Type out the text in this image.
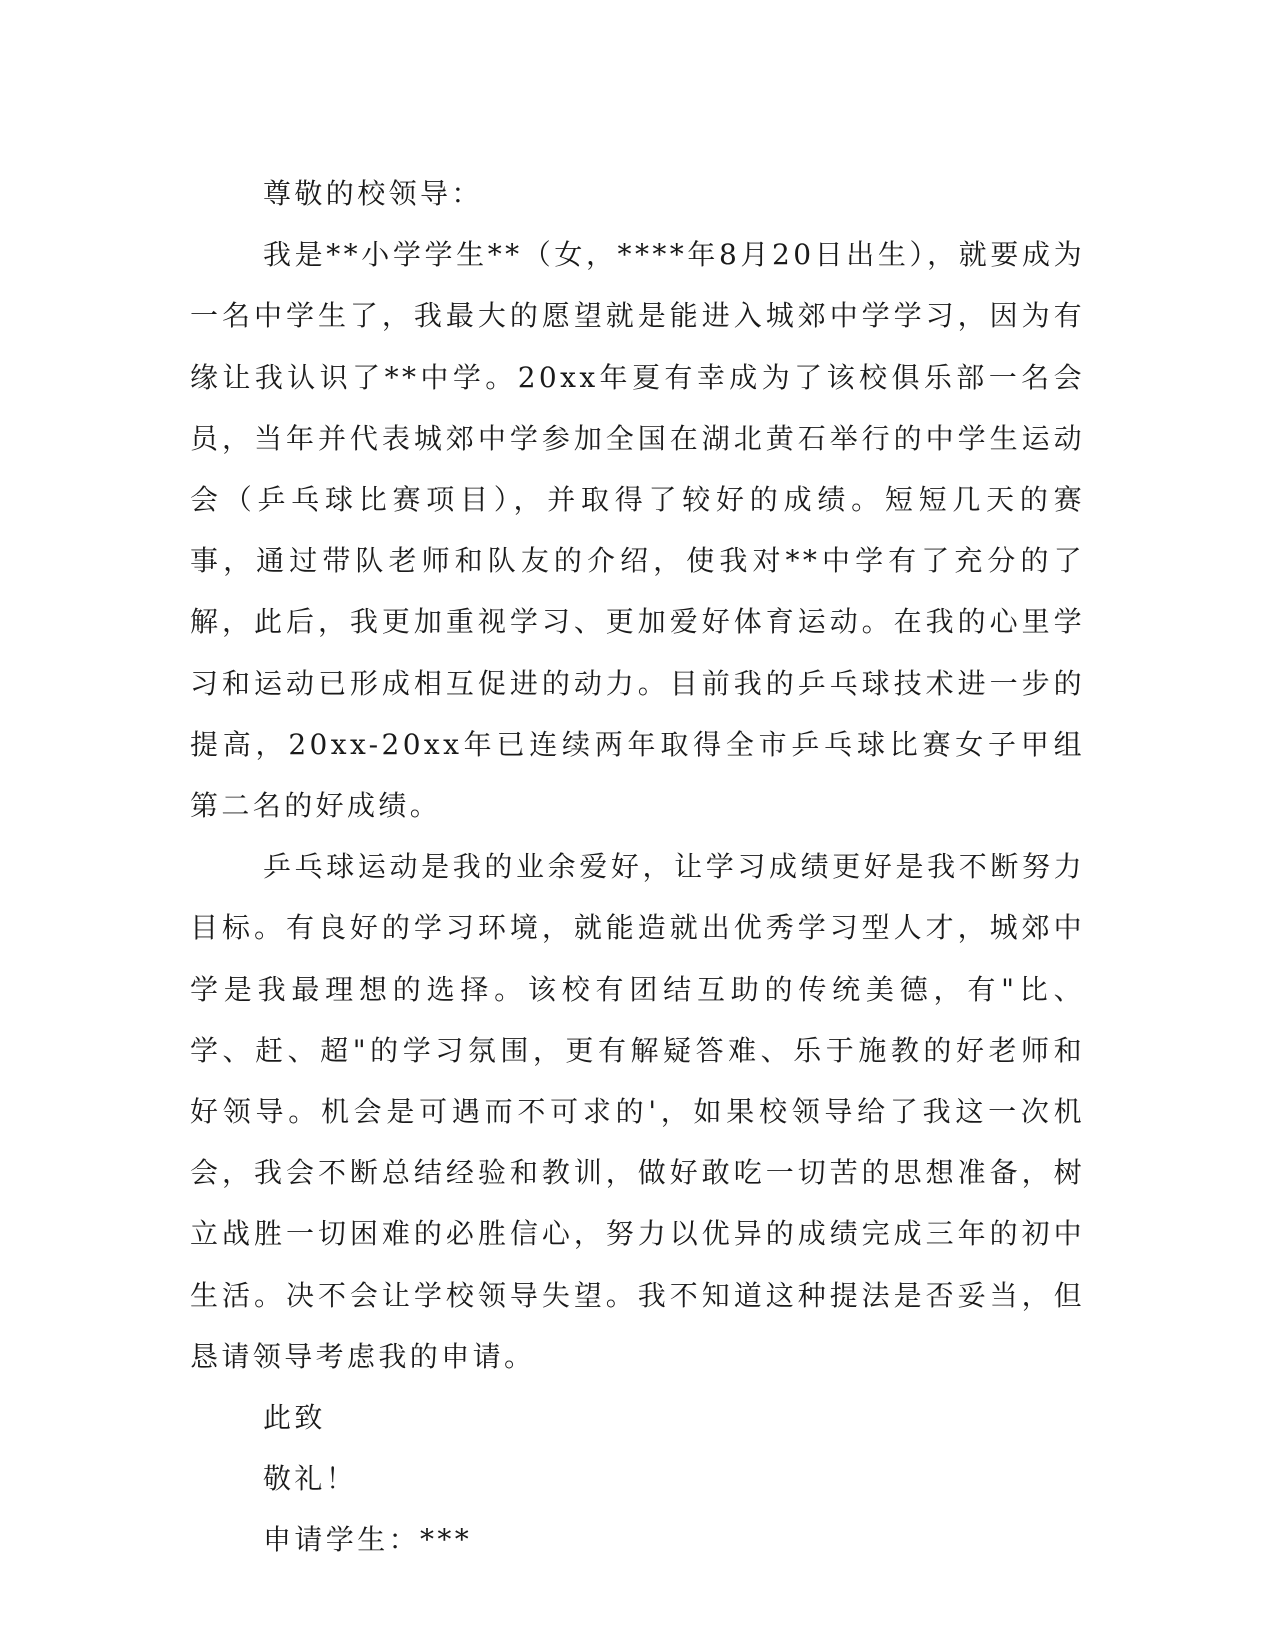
尊敬的校领导：

我是**小学学生**（女，****年8月20日出生），就要成为一名中学生了，我最大的愿望就是能进入城郊中学学习，因为有缘让我认识了**中学。20xx年夏有幸成为了该校俱乐部一名会员，当年并代表城郊中学参加全国在湖北黄石举行的中学生运动会（乒乓球比赛项目），并取得了较好的成绩。短短几天的赛事，通过带队老师和队友的介绍，使我对**中学有了充分的了解，此后，我更加重视学习、更加爱好体育运动。在我的心里学习和运动已形成相互促进的动力。目前我的乒乓球技术进一步的提高，20xx-20xx年已连续两年取得全市乒乓球比赛女子甲组第二名的好成绩。

乒乓球运动是我的业余爱好，让学习成绩更好是我不断努力目标。有良好的学习环境，就能造就出优秀学习型人才，城郊中学是我最理想的选择。该校有团结互助的传统美德，有"比、学、赶、超"的学习氛围，更有解疑答难、乐于施教的好老师和好领导。机会是可遇而不可求的'，如果校领导给了我这一次机会，我会不断总结经验和教训，做好敢吃一切苦的思想准备，树立战胜一切困难的必胜信心，努力以优异的成绩完成三年的初中生活。决不会让学校领导失望。我不知道这种提法是否妥当，但恳请领导考虑我的申请。

此致

敬礼！

申请学生：***
